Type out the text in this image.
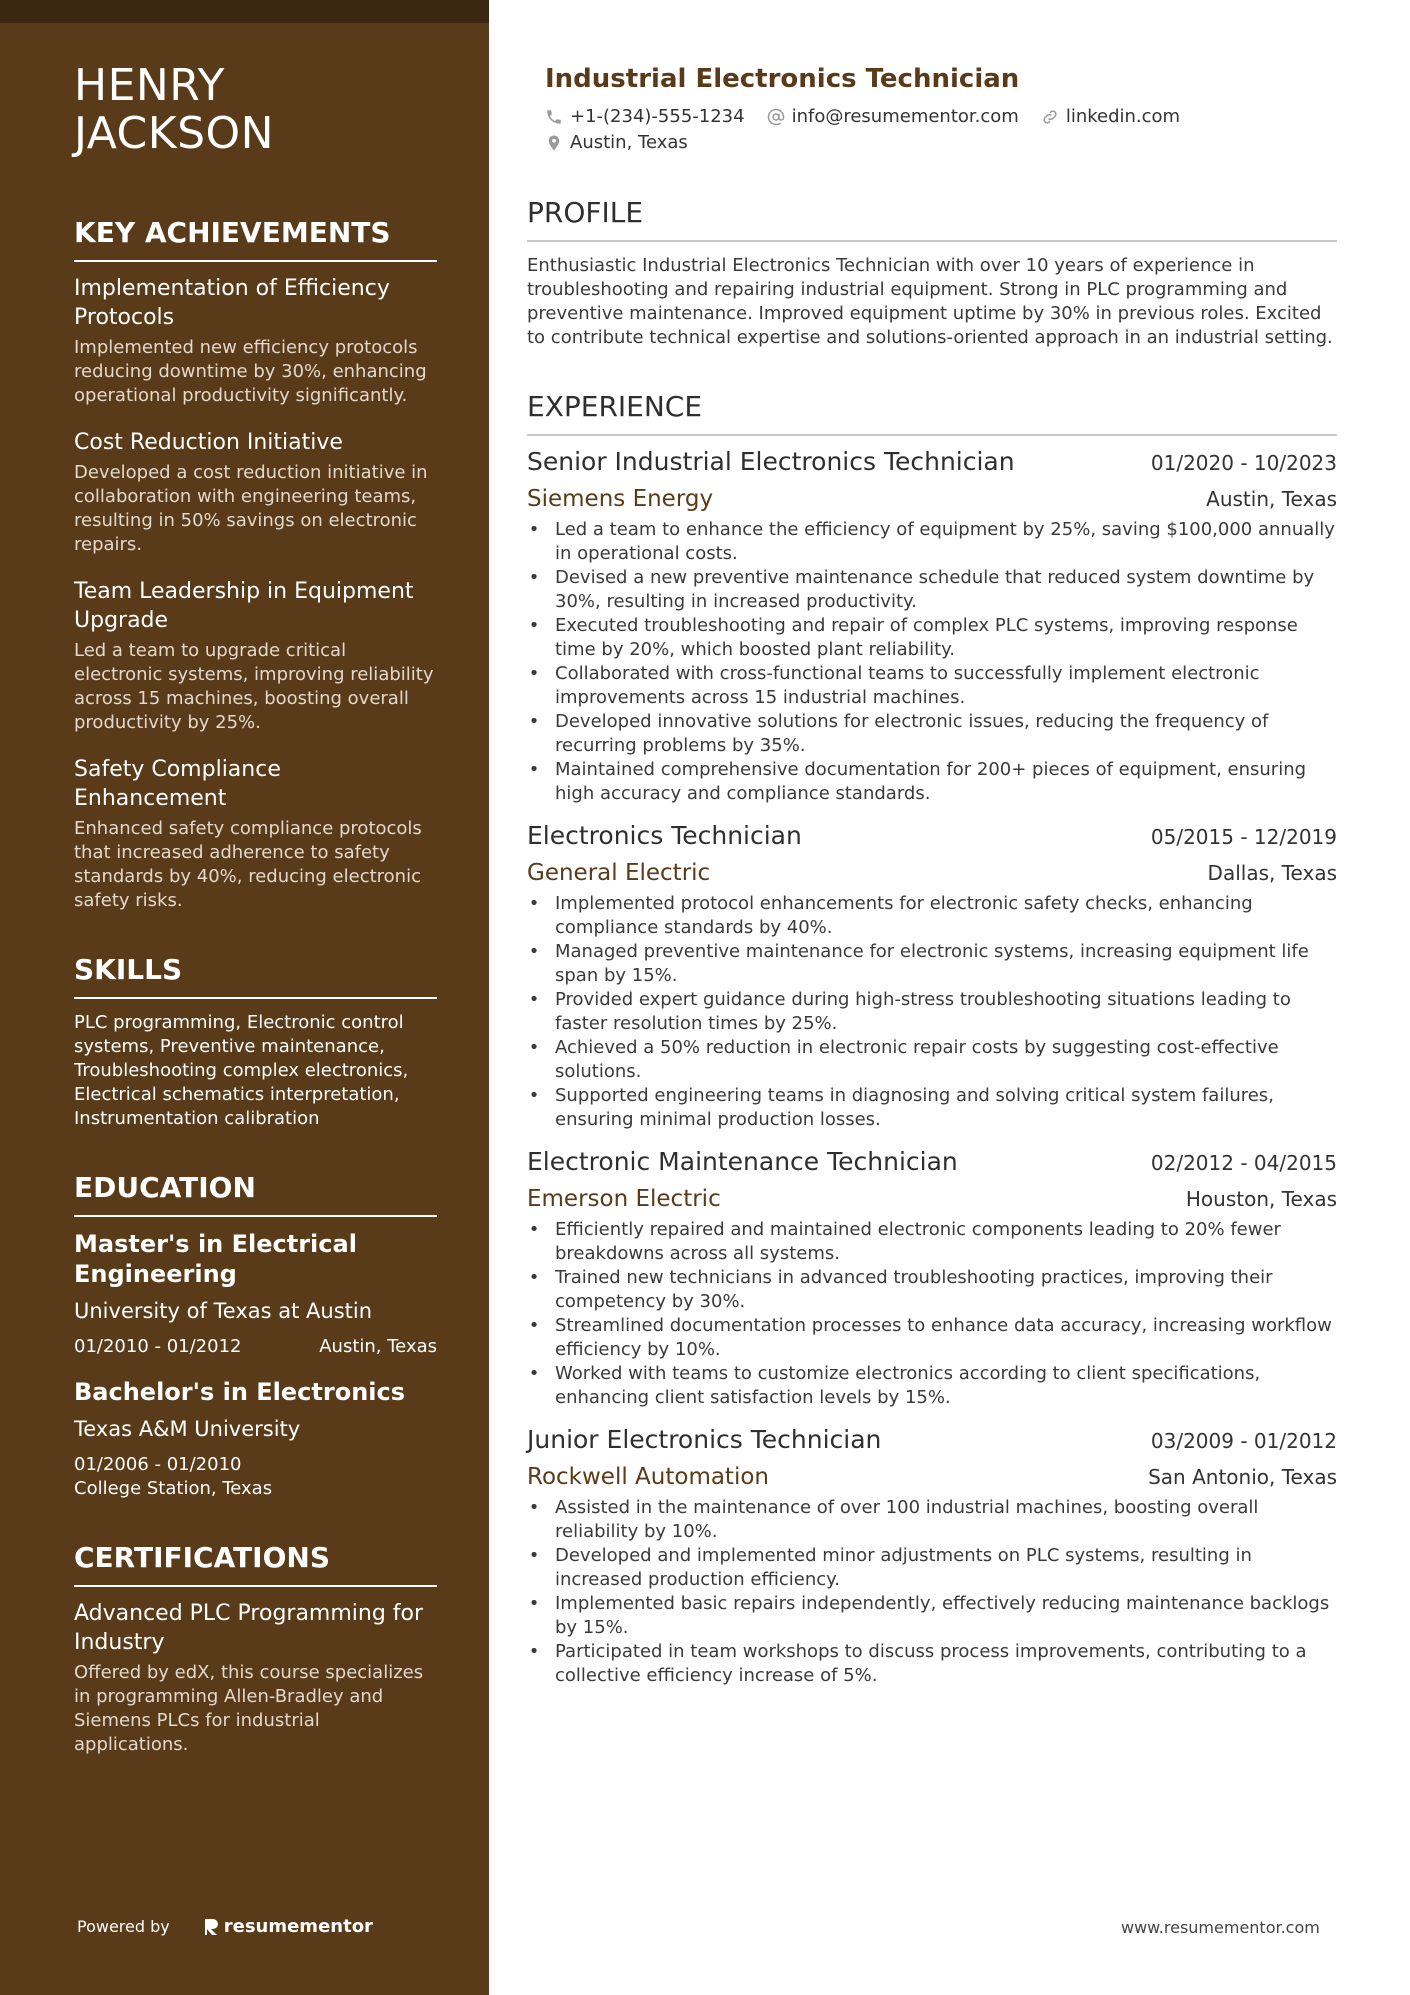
HENRY
JACKSON
KEY ACHIEVEMENTS

Implementation of Efficiency Protocols

Implemented new efficiency protocols reducing downtime by 30%, enhancing operational productivity significantly.

Cost Reduction Initiative

Developed a cost reduction initiative in collaboration with engineering teams, resulting in 50% savings on electronic repairs.

Team Leadership in Equipment Upgrade

Led a team to upgrade critical electronic systems, improving reliability across 15 machines, boosting overall productivity by 25%.

Safety Compliance Enhancement

Enhanced safety compliance protocols that increased adherence to safety standards by 40%, reducing electronic safety risks.

SKILLS

PLC programming, Electronic control systems, Preventive maintenance, Troubleshooting complex electronics, Electrical schematics interpretation, Instrumentation calibration

EDUCATION

Master's in Electrical Engineering

University of Texas at Austin

01/2010 - 01/2012	Austin, Texas

Bachelor's in Electronics

Texas A&M University

01/2006 - 01/2010
College Station, Texas
CERTIFICATIONS

Advanced PLC Programming for Industry

Offered by edX, this course specializes in programming Allen-Bradley and Siemens PLCs for industrial applications.

Powered by	resumementor
Industrial Electronics Technician
+1-(234)-555-1234	info@resumementor.com	linkedin.com
Austin, Texas
PROFILE

Enthusiastic Industrial Electronics Technician with over 10 years of experience in troubleshooting and repairing industrial equipment. Strong in PLC programming and preventive maintenance. Improved equipment uptime by 30% in previous roles. Excited to contribute technical expertise and solutions-oriented approach in an industrial setting.

EXPERIENCE
Senior Industrial Electronics Technician	01/2020 - 10/2023
Siemens Energy	Austin, Texas
• Led a team to enhance the efficiency of equipment by 25%, saving $100,000 annually in operational costs.
• Devised a new preventive maintenance schedule that reduced system downtime by 30%, resulting in increased productivity.
• Executed troubleshooting and repair of complex PLC systems, improving response time by 20%, which boosted plant reliability.
• Collaborated with cross-functional teams to successfully implement electronic improvements across 15 industrial machines.
• Developed innovative solutions for electronic issues, reducing the frequency of recurring problems by 35%.
• Maintained comprehensive documentation for 200+ pieces of equipment, ensuring high accuracy and compliance standards.
Electronics Technician	05/2015 - 12/2019
General Electric	Dallas, Texas
• Implemented protocol enhancements for electronic safety checks, enhancing compliance standards by 40%.
• Managed preventive maintenance for electronic systems, increasing equipment life span by 15%.
• Provided expert guidance during high-stress troubleshooting situations leading to faster resolution times by 25%.
• Achieved a 50% reduction in electronic repair costs by suggesting cost-effective solutions.
• Supported engineering teams in diagnosing and solving critical system failures, ensuring minimal production losses.
Electronic Maintenance Technician	02/2012 - 04/2015
Emerson Electric	Houston, Texas
• Efficiently repaired and maintained electronic components leading to 20% fewer breakdowns across all systems.
• Trained new technicians in advanced troubleshooting practices, improving their competency by 30%.
• Streamlined documentation processes to enhance data accuracy, increasing workflow efficiency by 10%.
• Worked with teams to customize electronics according to client specifications, enhancing client satisfaction levels by 15%.
Junior Electronics Technician	03/2009 - 01/2012
Rockwell Automation	San Antonio, Texas
• Assisted in the maintenance of over 100 industrial machines, boosting overall reliability by 10%.
• Developed and implemented minor adjustments on PLC systems, resulting in increased production efficiency.
• Implemented basic repairs independently, effectively reducing maintenance backlogs by 15%.
• Participated in team workshops to discuss process improvements, contributing to a collective efficiency increase of 5%.
www.resumementor.com
